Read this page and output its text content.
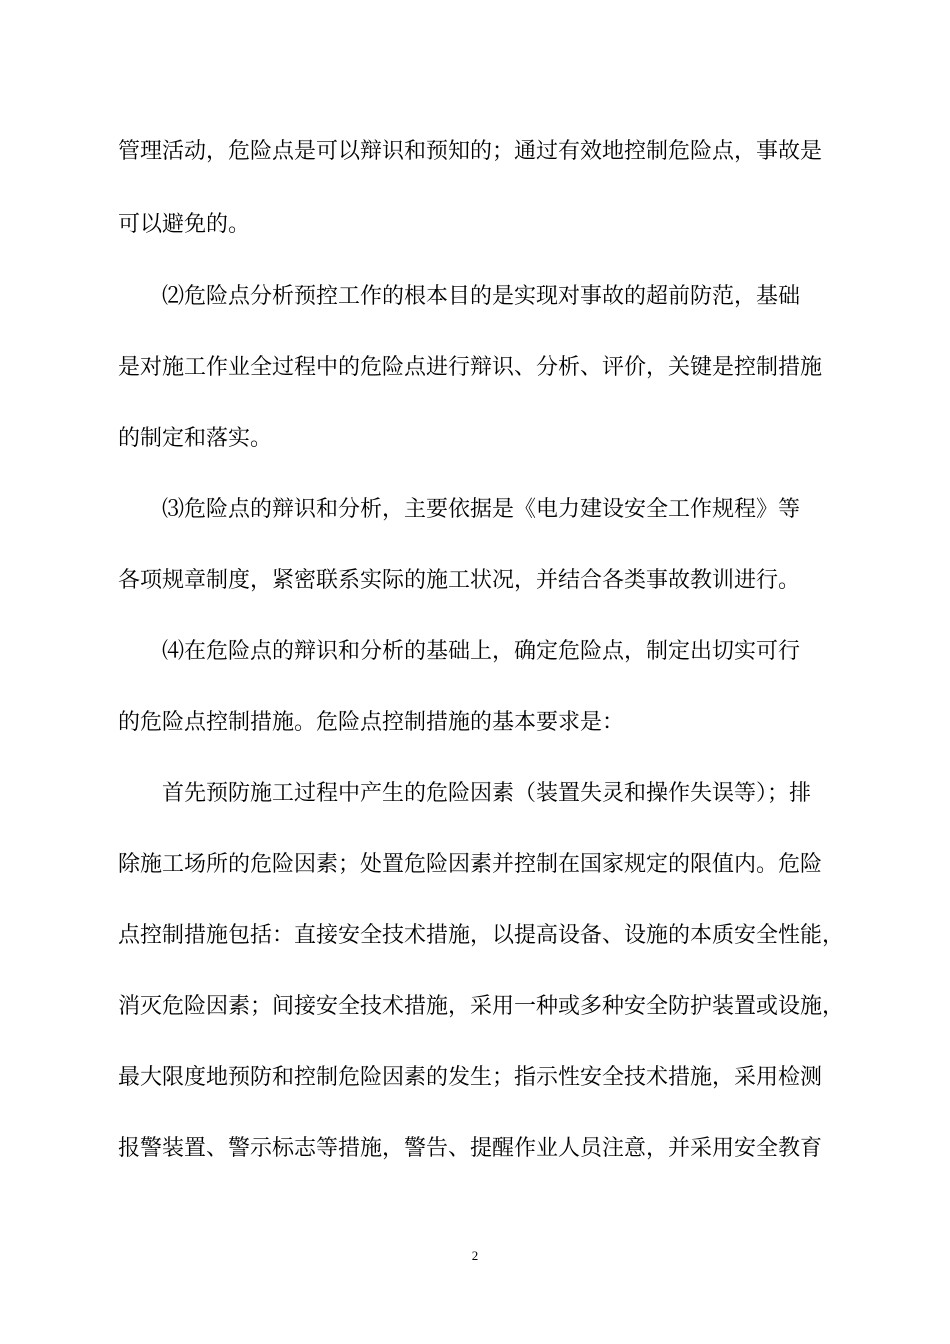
管理活动，危险点是可以辩识和预知的；通过有效地控制危险点，事故是
可以避免的。
⑵危险点分析预控工作的根本目的是实现对事故的超前防范，基础
是对施工作业全过程中的危险点进行辩识、分析、评价，关键是控制措施
的制定和落实。
⑶危险点的辩识和分析，主要依据是《电力建设安全工作规程》等
各项规章制度，紧密联系实际的施工状况，并结合各类事故教训进行。
⑷在危险点的辩识和分析的基础上，确定危险点，制定出切实可行
的危险点控制措施。危险点控制措施的基本要求是：
首先预防施工过程中产生的危险因素（装置失灵和操作失误等）；排
除施工场所的危险因素；处置危险因素并控制在国家规定的限值内。危险
点控制措施包括：直接安全技术措施，以提高设备、设施的本质安全性能，
消灭危险因素；间接安全技术措施，采用一种或多种安全防护装置或设施，
最大限度地预防和控制危险因素的发生；指示性安全技术措施，采用检测
报警装置、警示标志等措施，警告、提醒作业人员注意，并采用安全教育
2
